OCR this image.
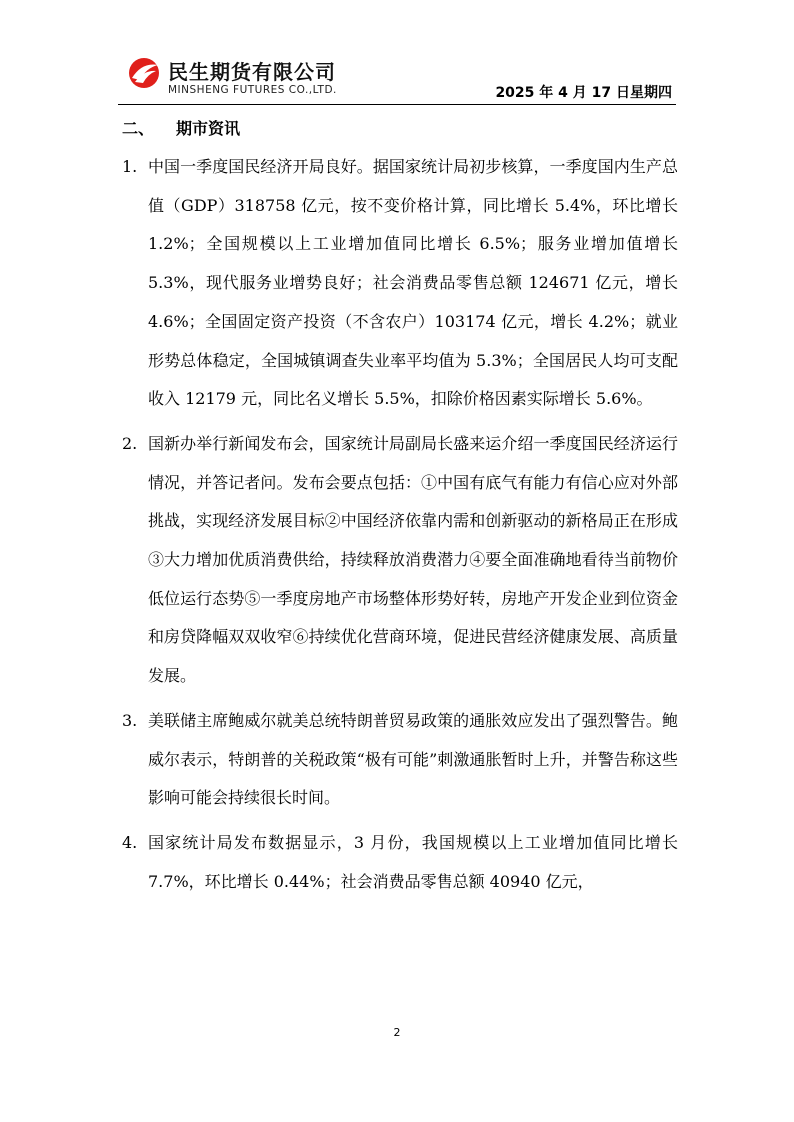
民生期货有限公司
MINSHENG FUTURES CO.,LTD.	2025 年 4 月 17 日星期四
二、 期市资讯
1. 中国一季度国民经济开局良好。据国家统计局初步核算，一季度国内生产总值（GDP）318758 亿元，按不变价格计算，同比增长 5.4%，环比增长 1.2%；全国规模以上工业增加值同比增长 6.5%；服务业增加值增长 5.3%，现代服务业增势良好；社会消费品零售总额 124671 亿元，增长 4.6%；全国固定资产投资（不含农户）103174 亿元，增长 4.2%；就业形势总体稳定，全国城镇调查失业率平均值为 5.3%；全国居民人均可支配收入 12179 元，同比名义增长 5.5%，扣除价格因素实际增长 5.6%。
2. 国新办举行新闻发布会，国家统计局副局长盛来运介绍一季度国民经济运行情况，并答记者问。发布会要点包括：①中国有底气有能力有信心应对外部挑战，实现经济发展目标②中国经济依靠内需和创新驱动的新格局正在形成③大力增加优质消费供给，持续释放消费潜力④要全面准确地看待当前物价低位运行态势⑤一季度房地产市场整体形势好转，房地产开发企业到位资金和房贷降幅双双收窄⑥持续优化营商环境，促进民营经济健康发展、高质量发展。
3. 美联储主席鲍威尔就美总统特朗普贸易政策的通胀效应发出了强烈警告。鲍威尔表示，特朗普的关税政策“极有可能”刺激通胀暂时上升，并警告称这些影响可能会持续很长时间。
4. 国家统计局发布数据显示，3 月份，我国规模以上工业增加值同比增长 7.7%，环比增长 0.44%；社会消费品零售总额 40940 亿元，
2
